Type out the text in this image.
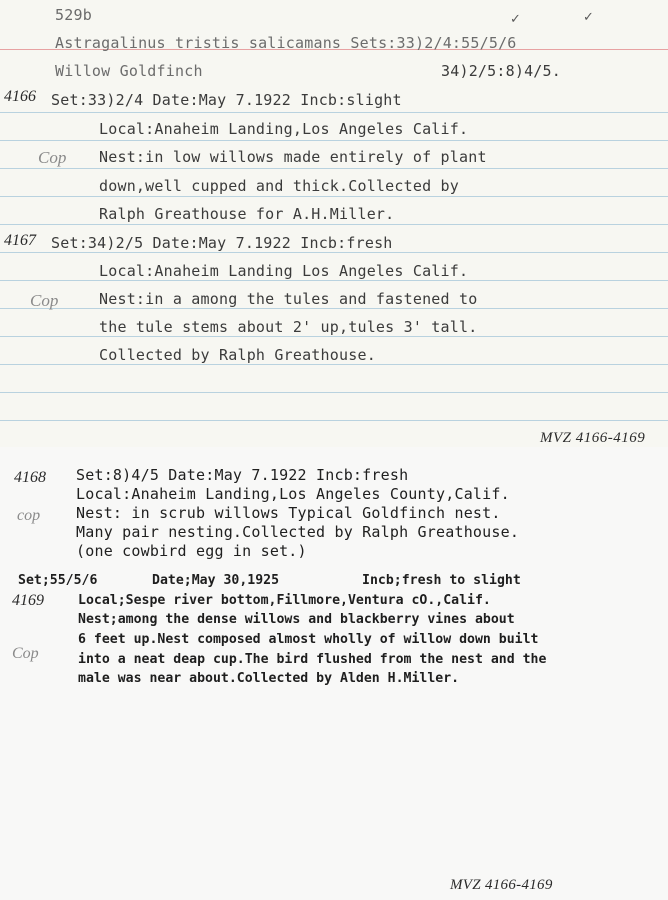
529b	✓	✓

Astragalinus tristis salicamans Sets:33)2/4:55/5/6

Willow Goldfinch	34)2/5:8)4/5.

4166 Set:33)2/4 Date:May 7.1922 Incb:slight

Local:Anaheim Landing,Los Angeles Calif.

Cop Nest:in low willows made entirely of plant

down,well cupped and thick.Collected by

Ralph Greathouse for A.H.Miller.

4167 Set:34)2/5 Date:May 7.1922 Incb:fresh

Local:Anaheim Landing Los Angeles Calif.

Cop	Nest:in a among the tules and fastened to

the tule stems about 2' up,tules 3' tall.

Collected by Ralph Greathouse.

MVZ 4166-4169

4168 Set:8)4/5 Date:May 7.1922 Incb:fresh

Local:Anaheim Landing,Los Angeles County,Calif.

cop Nest: in scrub willows Typical Goldfinch nest.

Many pair nesting.Collected by Ralph Greathouse.

(one cowbird egg in set.)

Set;55/5/6	Date;May 30,1925	Incb;fresh to slight

4169	Local;Sespe river bottom,Fillmore,Ventura cO.,Calif.

Nest;among the dense willows and blackberry vines about

Cop

6 feet up.Nest composed almost wholly of willow down built

into a neat deap cup.The bird flushed from the nest and the

male was near about.Collected by Alden H.Miller.

MVZ 4166-4169
